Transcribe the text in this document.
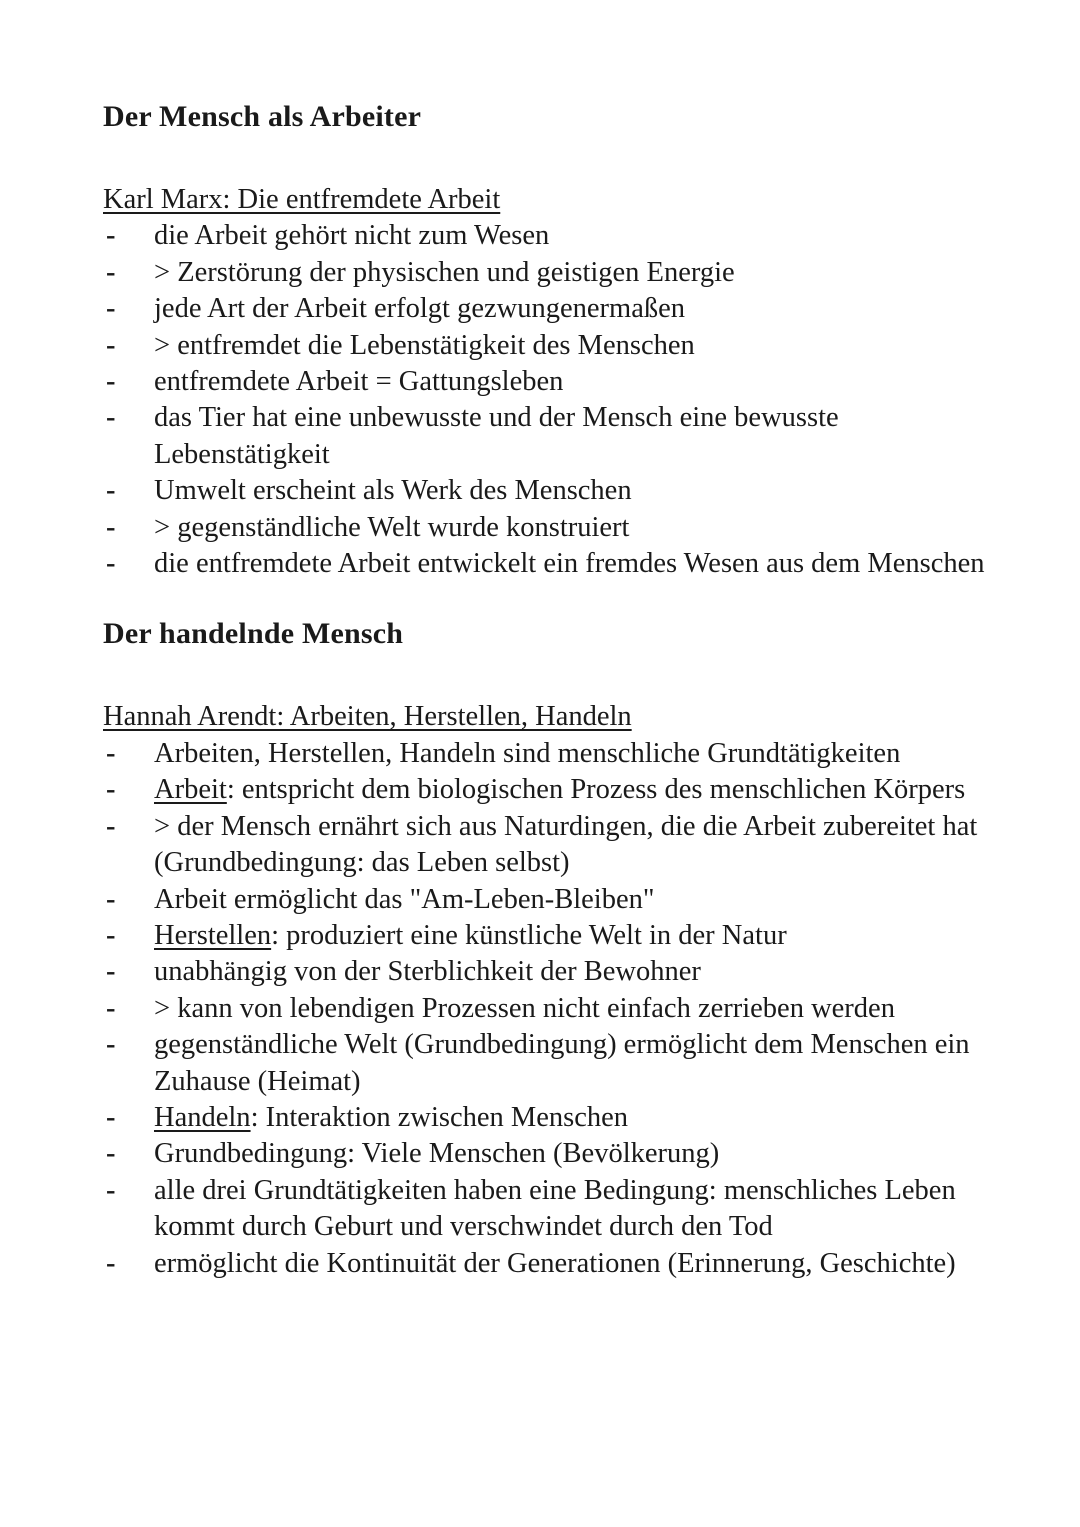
Der Mensch als Arbeiter

Karl Marx: Die entfremdete Arbeit

- die Arbeit gehört nicht zum Wesen
- > Zerstörung der physischen und geistigen Energie
- jede Art der Arbeit erfolgt gezwungenermaßen
- > entfremdet die Lebenstätigkeit des Menschen
- entfremdete Arbeit = Gattungsleben
- das Tier hat eine unbewusste und der Mensch eine bewusste Lebenstätigkeit
- Umwelt erscheint als Werk des Menschen
- > gegenständliche Welt wurde konstruiert
- die entfremdete Arbeit entwickelt ein fremdes Wesen aus dem Menschen
Der handelnde Mensch

Hannah Arendt: Arbeiten, Herstellen, Handeln

- Arbeiten, Herstellen, Handeln sind menschliche Grundtätigkeiten
- Arbeit: entspricht dem biologischen Prozess des menschlichen Körpers
- > der Mensch ernährt sich aus Naturdingen, die die Arbeit zubereitet hat (Grundbedingung: das Leben selbst)
- Arbeit ermöglicht das "Am-Leben-Bleiben"
- Herstellen: produziert eine künstliche Welt in der Natur
- unabhängig von der Sterblichkeit der Bewohner
- > kann von lebendigen Prozessen nicht einfach zerrieben werden
- gegenständliche Welt (Grundbedingung) ermöglicht dem Menschen ein Zuhause (Heimat)
- Handeln: Interaktion zwischen Menschen
- Grundbedingung: Viele Menschen (Bevölkerung)
- alle drei Grundtätigkeiten haben eine Bedingung: menschliches Leben kommt durch Geburt und verschwindet durch den Tod
- ermöglicht die Kontinuität der Generationen (Erinnerung, Geschichte)
